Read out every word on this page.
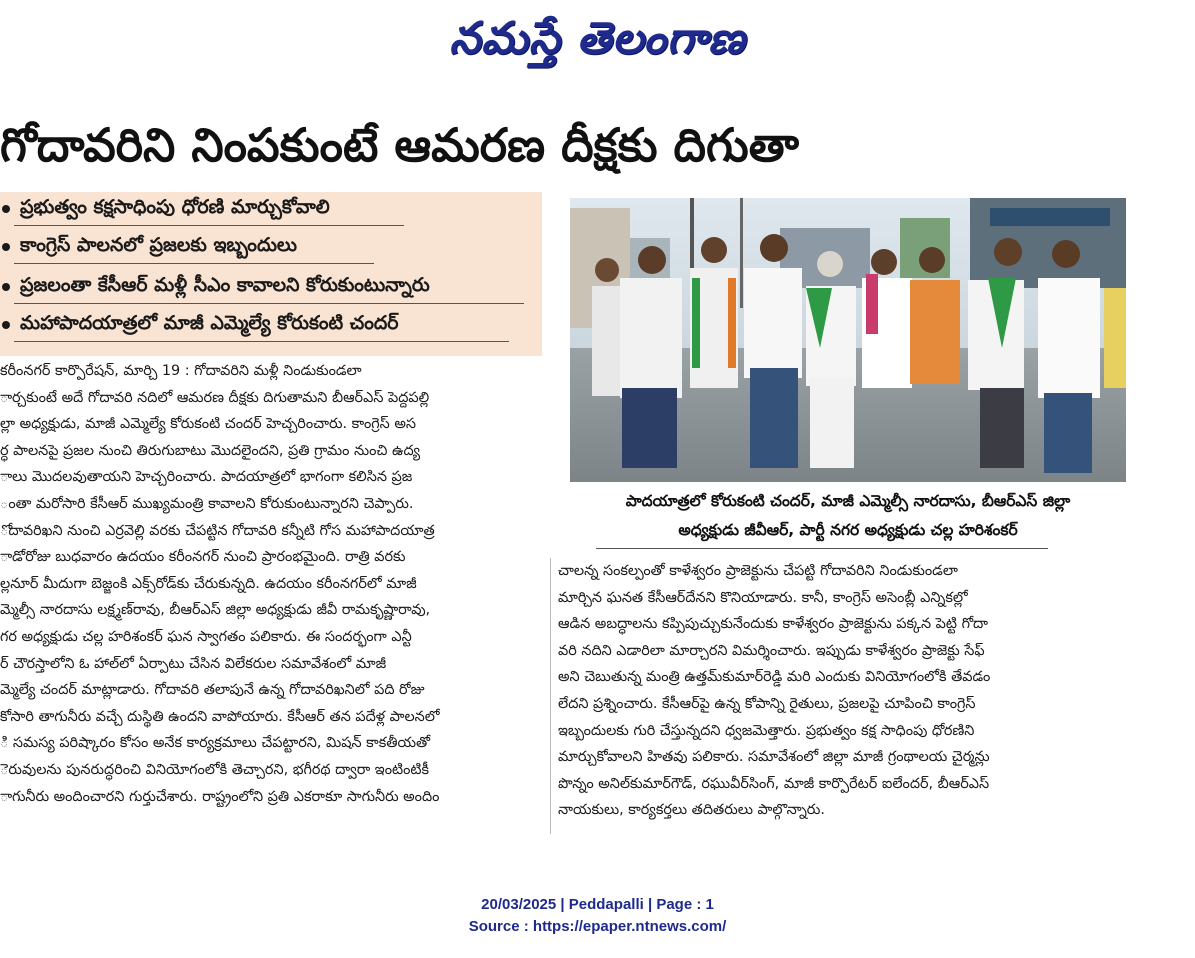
నమస్తే తెలంగాణ
గోదావరిని నింపకుంటే ఆమరణ దీక్షకు దిగుతా
ప్రభుత్వం కక్షసాధింపు ధోరణి మార్చుకోవాలి
కాంగ్రెస్ పాలనలో ప్రజలకు ఇబ్బందులు
ప్రజలంతా కేసీఆర్ మళ్లీ సీఎం కావాలని కోరుకుంటున్నారు
మహాపాదయాత్రలో మాజీ ఎమ్మెల్యే కోరుకంటి చందర్
పాదయాత్రలో కోరుకంటి చందర్, మాజీ ఎమ్మెల్సీ నారదాసు, బీఆర్ఎస్ జిల్లా
అధ్యక్షుడు జీవీఆర్, పార్టీ నగర అధ్యక్షుడు చల్ల హరిశంకర్
కరీంనగర్ కార్పొరేషన్, మార్చి 19 : గోదావరిని మళ్లీ నిండుకుండలా
ార్చకుంటే అదే గోదావరి నదిలో ఆమరణ దీక్షకు దిగుతామని బీఆర్ఎస్ పెద్దపల్లి
ల్లా అధ్యక్షుడు, మాజీ ఎమ్మెల్యే కోరుకంటి చందర్ హెచ్చరించారు. కాంగ్రెస్ అస
ర్ధ పాలనపై ప్రజల నుంచి తిరుగుబాటు మొదలైందని, ప్రతి గ్రామం నుంచి ఉద్య
ాలు మొదలవుతాయని హెచ్చరించారు. పాదయాత్రలో భాగంగా కలిసిన ప్రజ
ంతా మరోసారి కేసీఆర్ ముఖ్యమంత్రి కావాలని కోరుకుంటున్నారని చెప్పారు.
ోదావరిఖని నుంచి ఎర్రవెల్లి వరకు చేపట్టిన గోదావరి కన్నీటి గోస మహాపాదయాత్ర
ాడోరోజు బుధవారం ఉదయం కరీంనగర్ నుంచి ప్రారంభమైంది. రాత్రి వరకు
ల్లనూర్ మీదుగా బెజ్జంకి ఎక్స్‌రోడ్‌కు చేరుకున్నది. ఉదయం కరీంనగర్‌లో మాజీ
మ్మెల్సీ నారదాసు లక్ష్మణ్‌రావు, బీఆర్ఎస్ జిల్లా అధ్యక్షుడు జీవీ రామకృష్ణారావు,
గర అధ్యక్షుడు చల్ల హరిశంకర్ ఘన స్వాగతం పలికారు. ఈ సందర్భంగా ఎన్టీ
ర్ చౌరస్తాలోని ఓ హాల్‌లో ఏర్పాటు చేసిన విలేకరుల సమావేశంలో మాజీ
మ్మెల్యే చందర్ మాట్లాడారు. గోదావరి తలాపునే ఉన్న గోదావరిఖనిలో పది రోజు
కోసారి తాగునీరు వచ్చే దుస్థితి ఉందని వాపోయారు. కేసీఆర్ తన పదేళ్ల పాలనలో
ి సమస్య పరిష్కారం కోసం అనేక కార్యక్రమాలు చేపట్టారని, మిషన్ కాకతీయతో
ెరువులను పునరుద్ధరించి వినియోగంలోకి తెచ్చారని, భగీరథ ద్వారా ఇంటింటికీ
ాగునీరు అందించారని గుర్తుచేశారు. రాష్ట్రంలోని ప్రతి ఎకరాకూ సాగునీరు అందిం
చాలన్న సంకల్పంతో కాళేశ్వరం ప్రాజెక్టును చేపట్టి గోదావరిని నిండుకుండలా
మార్చిన ఘనత కేసీఆర్‌దేనని కొనియాడారు. కానీ, కాంగ్రెస్ అసెంబ్లీ ఎన్నికల్లో
ఆడిన అబద్ధాలను కప్పిపుచ్చుకునేందుకు కాళేశ్వరం ప్రాజెక్టును పక్కన పెట్టి గోదా
వరి నదిని ఎడారిలా మార్చారని విమర్శించారు. ఇప్పుడు కాళేశ్వరం ప్రాజెక్టు సేఫ్
అని చెబుతున్న మంత్రి ఉత్తమ్‌కుమార్‌రెడ్డి మరి ఎందుకు వినియోగంలోకి తేవడం
లేదని ప్రశ్నించారు. కేసీఆర్‌పై ఉన్న కోపాన్ని రైతులు, ప్రజలపై చూపించి కాంగ్రెస్
ఇబ్బందులకు గురి చేస్తున్నదని ధ్వజమెత్తారు. ప్రభుత్వం కక్ష సాధింపు ధోరణిని
మార్చుకోవాలని హితవు పలికారు. సమావేశంలో జిల్లా మాజీ గ్రంథాలయ చైర్మన్లు
పొన్నం అనిల్‌కుమార్‌గౌడ్, రఘువీర్‌సింగ్, మాజీ కార్పొరేటర్ ఐలేందర్, బీఆర్ఎస్
నాయకులు, కార్యకర్తలు తదితరులు పాల్గొన్నారు.
20/03/2025 | Peddapalli | Page : 1
Source : https://epaper.ntnews.com/
